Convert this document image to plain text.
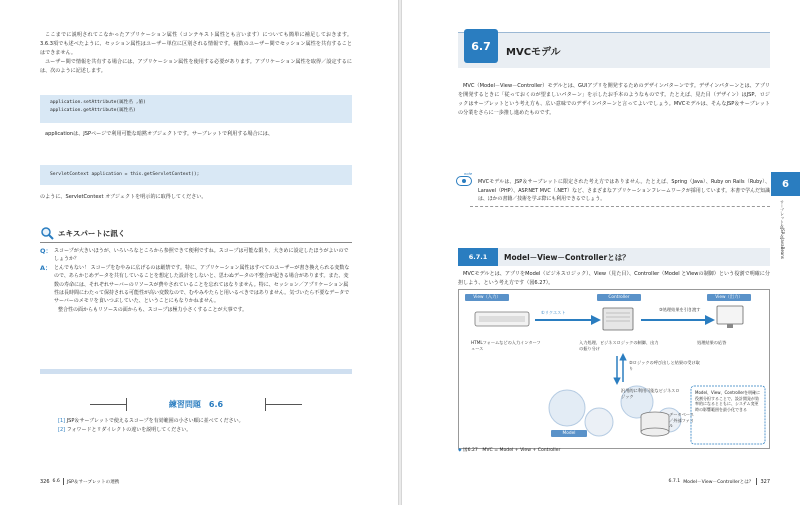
ここまでに説明されてこなかったアプリケーション属性（コンテキスト属性とも言います）についても簡単に補足しておきます。3.6.3項でも述べたように、セッション属性はユーザー単位に区別される情報です。複数のユーザー間でセッション属性を共有することはできません。

ユーザー間で情報を共有する場合には、アプリケーション属性を使用する必要があります。アプリケーション属性を取得／設定するには、次のように記述します。

application.setAttribute(属性名 ,値)
application.getAttribute(属性名)

applicationは、JSPページで利用可能な暗黙オブジェクトです。サーブレットで利用する場合には、

ServletContext application = this.getServletContext();

のように、ServletContext オブジェクトを明示的に取得してください。

エキスパートに訊く
Q： スコープが大きいほうが、いろいろなところから参照できて便利ですね。スコープは可能な限り、大きめに設定したほうがよいのでしょうか？
A： とんでもない！ スコープをむやみに広げるのは厳禁です。特に、アプリケーション属性はすべてのユーザーが書き換えられる変数なので、あらかじめデータを共有していることを想定した設計をしないと、思わぬデータの不整合が起きる場合があります。また、変数の寿命には、それぞれサーバーのリソースが費やされていることを忘れてはなりません。特に、セッション／アプリケーション属性は長時間にわたって保持される可能性が高い変数なので、むやみやたらと用いるべきではありません。気づいたら不要なデータでサーバーのメモリを食いつぶしていた、ということにもなりかねません。
整合性の面からもリソースの面からも、スコープは極力小さくすることが大事です。
練習問題　6.6
[1] JSP＆サーブレットで使えるスコープを有効範囲の小さい順に並べてください。
[2] フォワードとリダイレクトの違いを説明してください。
326 6.6 JSP＆サーブレットの連携
6.7	MVCモデル

MVC（Model－View－Controller）モデルとは、GUIアプリを開発するためのデザインパターンです。デザインパターンとは、アプリを開発するときに「従っておくのが望ましいパターン」を示したお手本のようなものです。たとえば、見た目（デザイン）はJSP、ロジックはサーブレットという考え方も、広い意味でのデザインパターンと言ってよいでしょう。MVCモデルは、そんなJSP＆サーブレットの分業をさらに一歩推し進めたものです。

note

MVCモデルは、JSP＆サーブレットに限定された考え方ではありません。たとえば、Spring（Java）、Ruby on Rails（Ruby）、Laravel（PHP）、ASP.NET MVC（.NET）など、さまざまなアプリケーションフレームワークが採用しています。本書で学んだ知識は、ほかの書籍／技術を学ぶ際にも利用できるでしょう。

6.7.1	Model－View－Controllerとは？

MVCモデルとは、アプリをModel（ビジネスロジック）、View（見た目）、Controller（Model とViewの制御）という役割で明確に分担しよう、という考え方です（図6.27）。

View（入力）	Controller	View（出力）
①リクエスト
③処理結果を引き渡す
HTMLフォームなどの入力インターフェース
入力処理、ビジネスロジックの制御、出力の振り分け
処理結果の応答
②ロジックの呼び出しと結果の受け取り
汎用的に利用可能なビジネスロジック
データベース／外部ファイル
Model
Model、View、Controllerを明確に役割分担することで、設計開発が効率的になるとともに、システム変更時の影響範囲を最小化できる
◆ 図6.27　MVC = Model + View + Controller
6.7.1 Model－View－Controllerとは？ 327
6
サーブレット＆JSP＆JavaBeans
